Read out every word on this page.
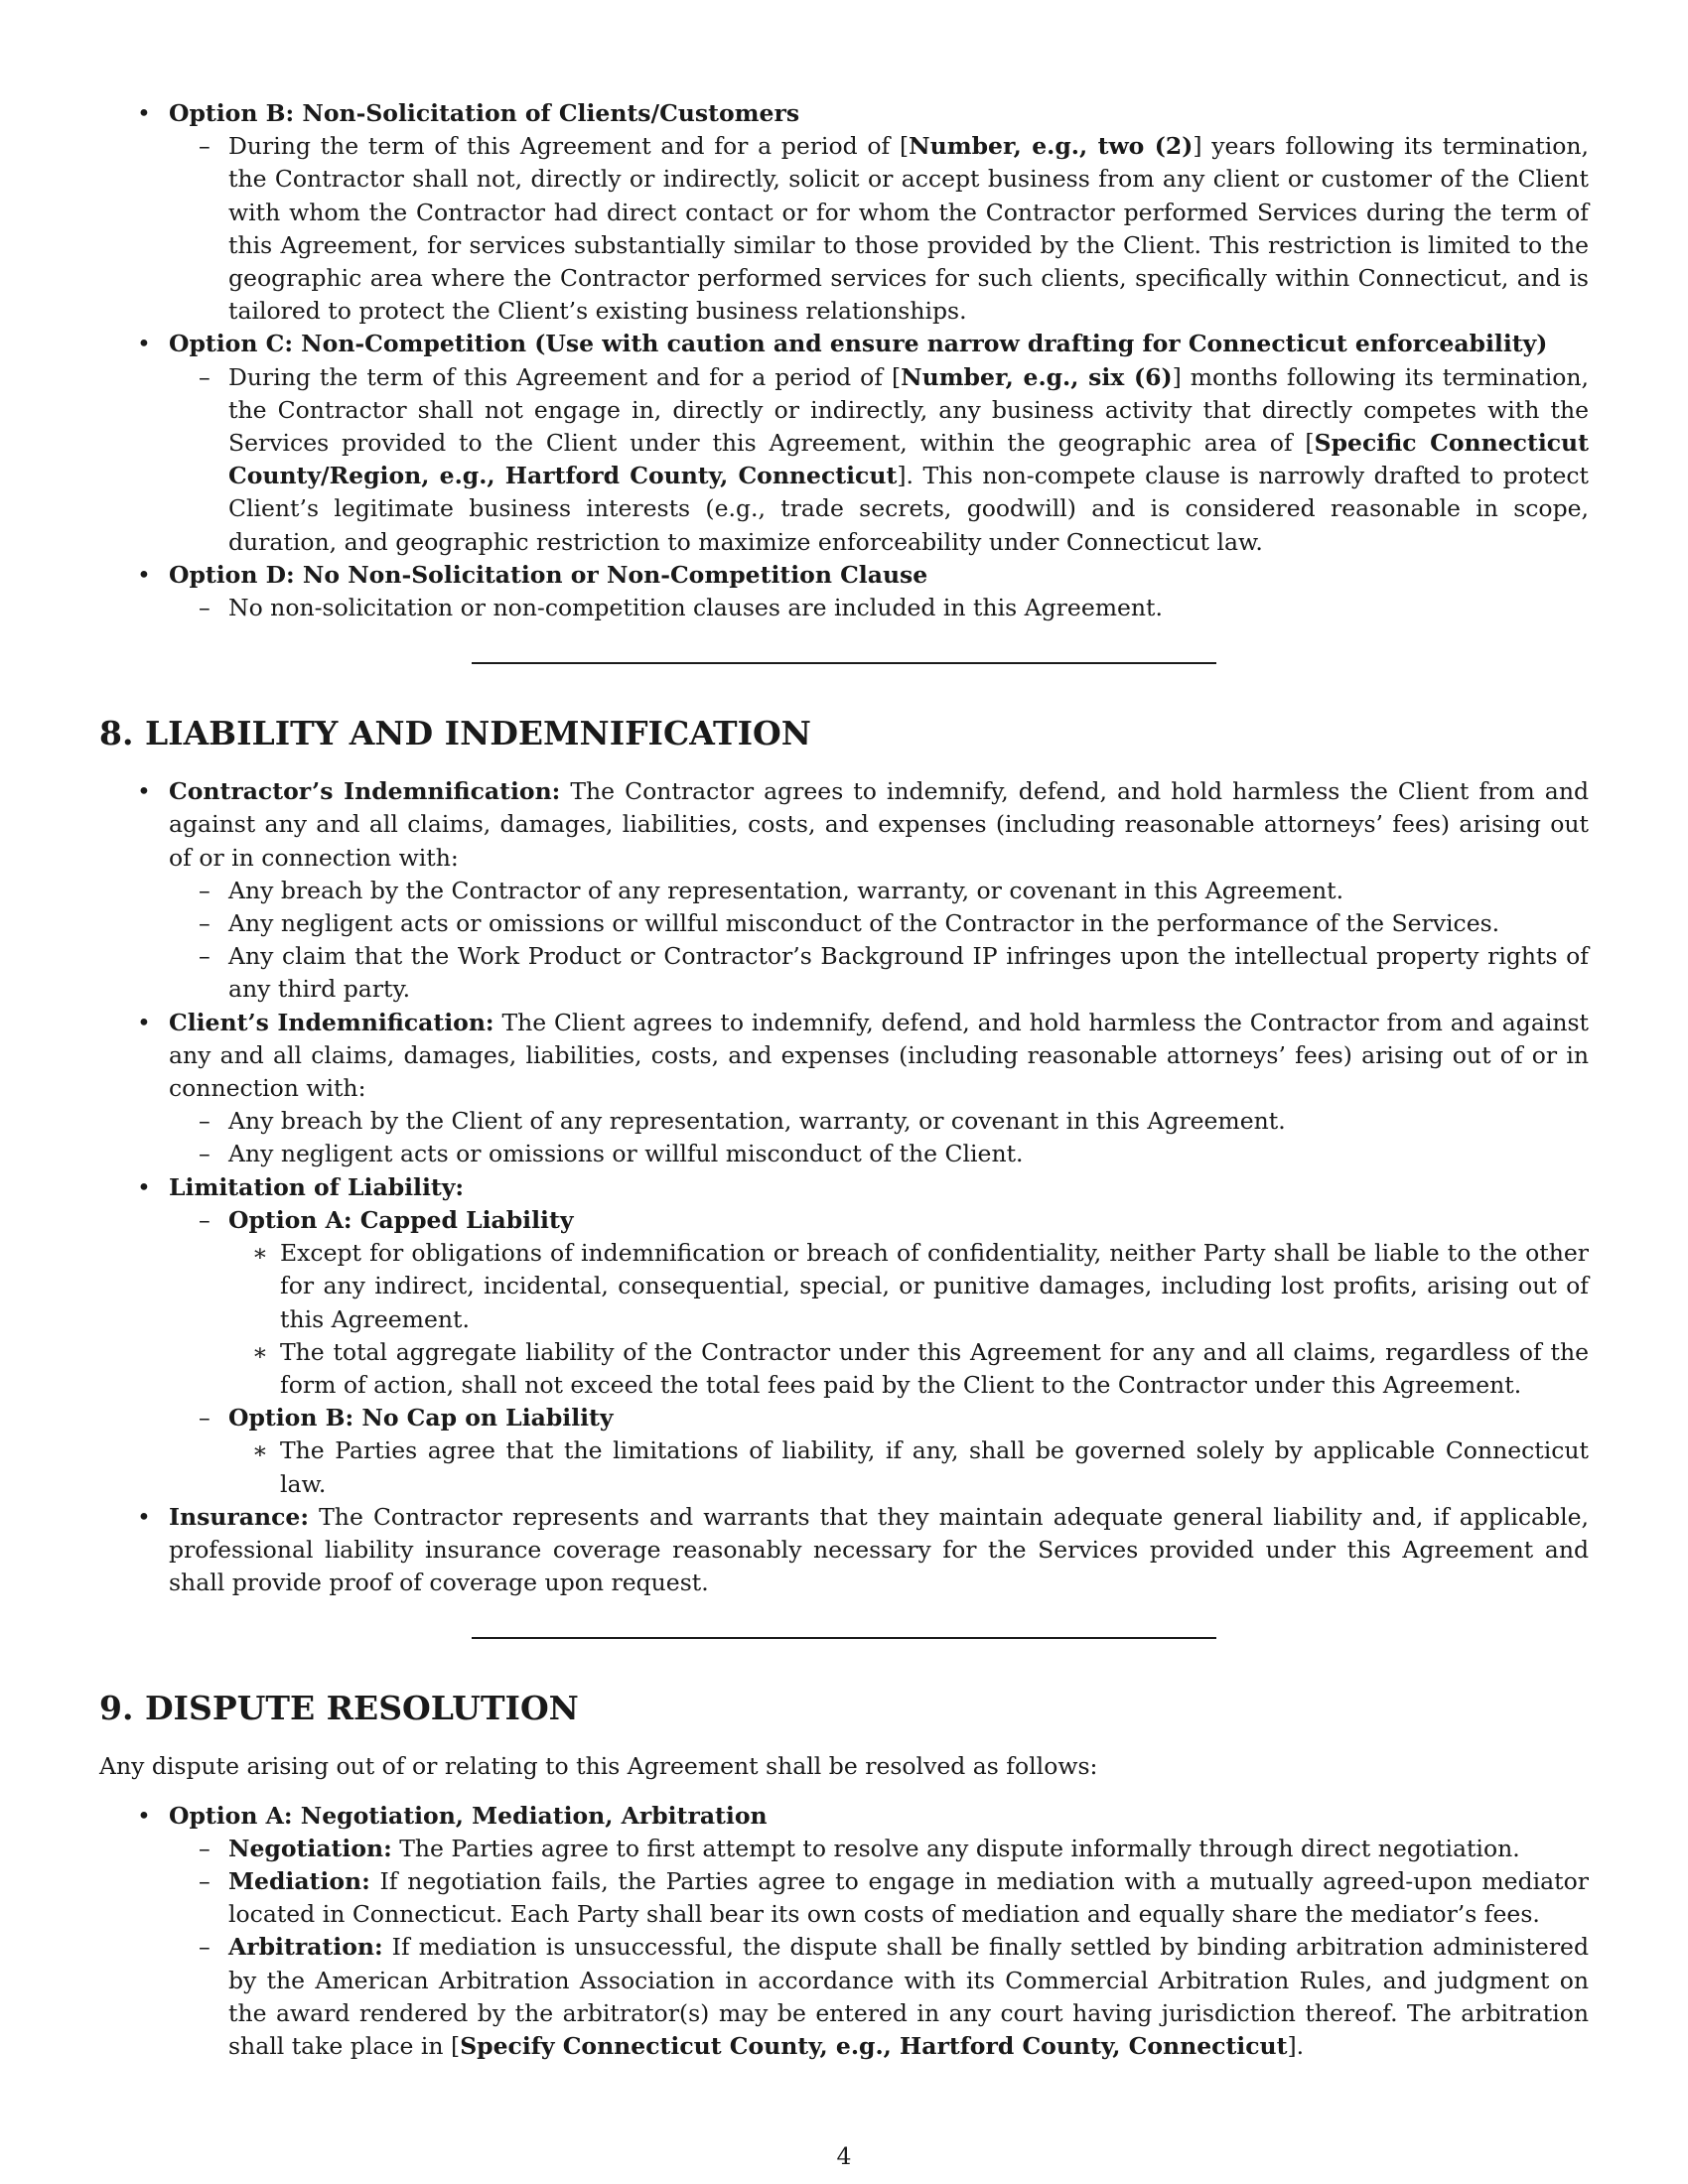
• Option B: Non-Solicitation of Clients/Customers
– During the term of this Agreement and for a period of [Number, e.g., two (2)] years following its termination, the Contractor shall not, directly or indirectly, solicit or accept business from any client or customer of the Client with whom the Contractor had direct contact or for whom the Contractor performed Services during the term of this Agreement, for services substantially similar to those provided by the Client. This restriction is limited to the geographic area where the Contractor performed services for such clients, specifically within Connecticut, and is tailored to protect the Client’s existing business relationships.
• Option C: Non-Competition (Use with caution and ensure narrow drafting for Connecticut enforceability)
– During the term of this Agreement and for a period of [Number, e.g., six (6)] months following its termination, the Contractor shall not engage in, directly or indirectly, any business activity that directly competes with the Services provided to the Client under this Agreement, within the geographic area of [Specific Connecticut County/Region, e.g., Hartford County, Connecticut]. This non-compete clause is narrowly drafted to protect Client’s legitimate business interests (e.g., trade secrets, goodwill) and is considered reasonable in scope, duration, and geographic restriction to maximize enforceability under Connecticut law.
• Option D: No Non-Solicitation or Non-Competition Clause
– No non-solicitation or non-competition clauses are included in this Agreement.
8. LIABILITY AND INDEMNIFICATION
• Contractor’s Indemnification: The Contractor agrees to indemnify, defend, and hold harmless the Client from and against any and all claims, damages, liabilities, costs, and expenses (including reasonable attorneys’ fees) arising out of or in connection with:
– Any breach by the Contractor of any representation, warranty, or covenant in this Agreement.
– Any negligent acts or omissions or willful misconduct of the Contractor in the performance of the Services.
– Any claim that the Work Product or Contractor’s Background IP infringes upon the intellectual property rights of any third party.
• Client’s Indemnification: The Client agrees to indemnify, defend, and hold harmless the Contractor from and against any and all claims, damages, liabilities, costs, and expenses (including reasonable attorneys’ fees) arising out of or in connection with:
– Any breach by the Client of any representation, warranty, or covenant in this Agreement.
– Any negligent acts or omissions or willful misconduct of the Client.
• Limitation of Liability:
– Option A: Capped Liability
∗ Except for obligations of indemnification or breach of confidentiality, neither Party shall be liable to the other for any indirect, incidental, consequential, special, or punitive damages, including lost profits, arising out of this Agreement.
∗ The total aggregate liability of the Contractor under this Agreement for any and all claims, regardless of the form of action, shall not exceed the total fees paid by the Client to the Contractor under this Agreement.
– Option B: No Cap on Liability
∗ The Parties agree that the limitations of liability, if any, shall be governed solely by applicable Connecticut law.
• Insurance: The Contractor represents and warrants that they maintain adequate general liability and, if applicable, professional liability insurance coverage reasonably necessary for the Services provided under this Agreement and shall provide proof of coverage upon request.
9. DISPUTE RESOLUTION

Any dispute arising out of or relating to this Agreement shall be resolved as follows:

• Option A: Negotiation, Mediation, Arbitration
– Negotiation: The Parties agree to first attempt to resolve any dispute informally through direct negotiation.
– Mediation: If negotiation fails, the Parties agree to engage in mediation with a mutually agreed-upon mediator located in Connecticut. Each Party shall bear its own costs of mediation and equally share the mediator’s fees.
– Arbitration: If mediation is unsuccessful, the dispute shall be finally settled by binding arbitration administered by the American Arbitration Association in accordance with its Commercial Arbitration Rules, and judgment on the award rendered by the arbitrator(s) may be entered in any court having jurisdiction thereof. The arbitration shall take place in [Specify Connecticut County, e.g., Hartford County, Connecticut].
4
